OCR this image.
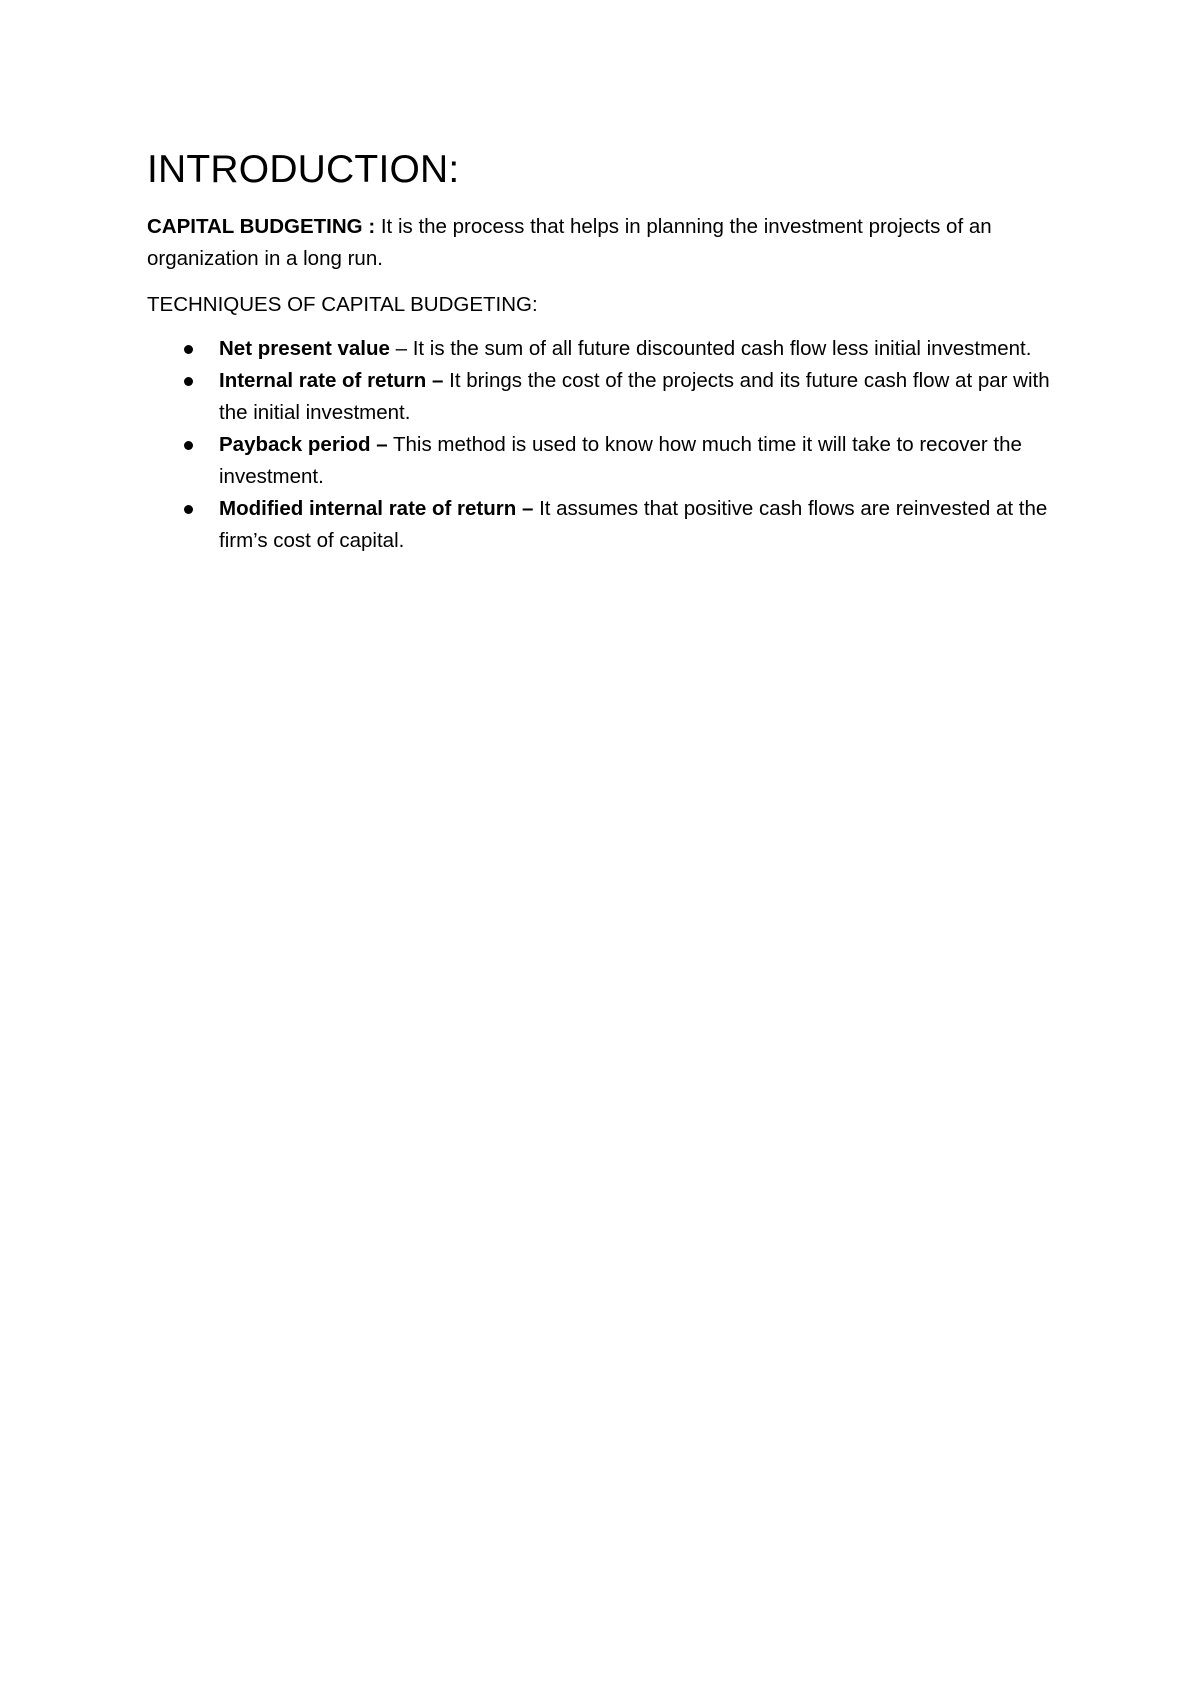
INTRODUCTION:

CAPITAL BUDGETING : It is the process that helps in planning the investment projects of an organization in a long run.

TECHNIQUES OF CAPITAL BUDGETING:

Net present value – It is the sum of all future discounted cash flow less initial investment.
Internal rate of return – It brings the cost of the projects and its future cash flow at par with the initial investment.
Payback period – This method is used to know how much time it will take to recover the investment.
Modified internal rate of return – It assumes that positive cash flows are reinvested at the firm’s cost of capital.
